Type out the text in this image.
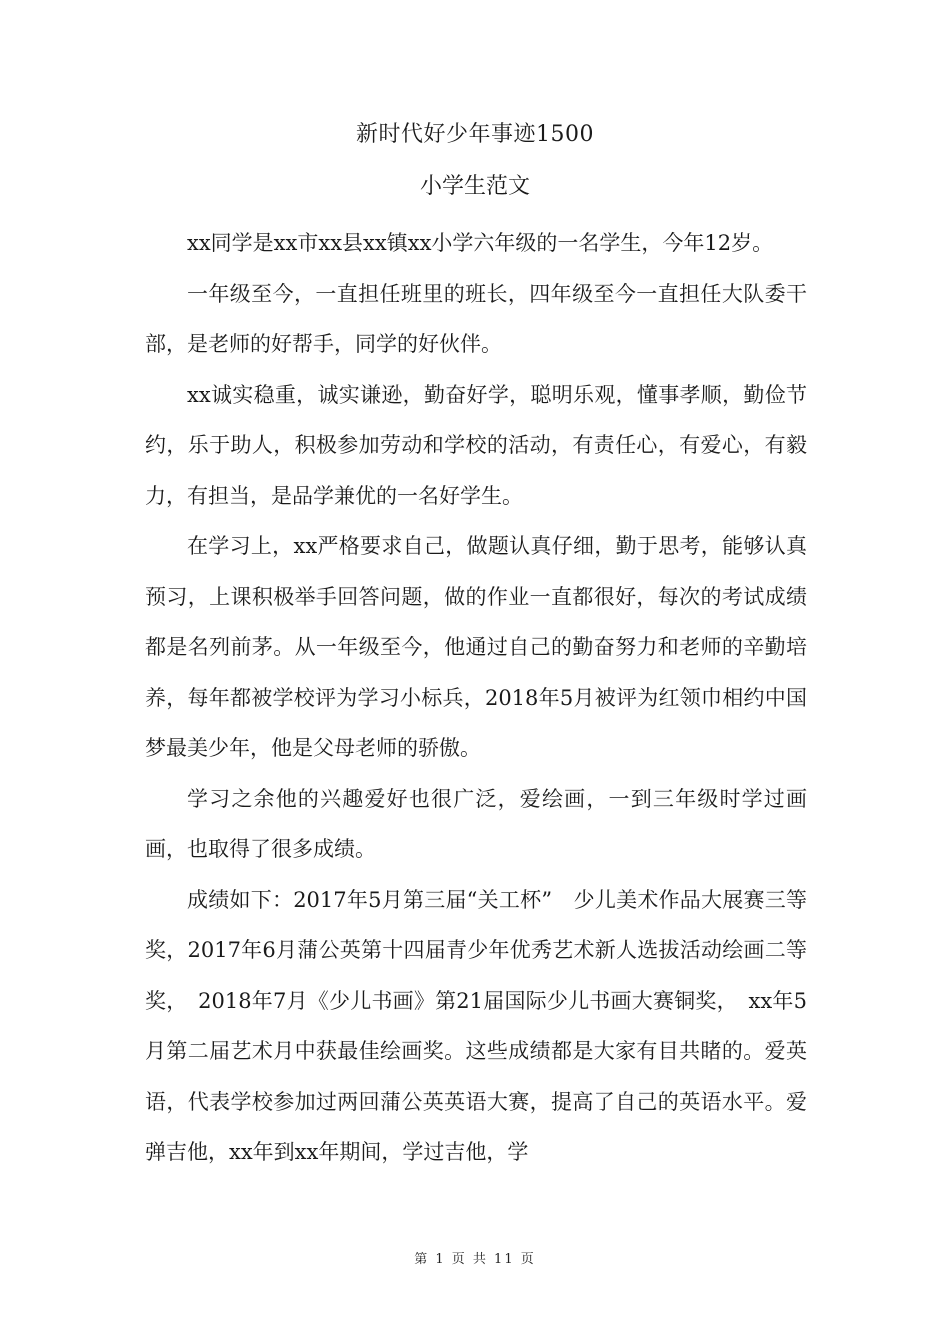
新时代好少年事迹1500
小学生范文

xx同学是xx市xx县xx镇xx小学六年级的一名学生，今年12岁。

一年级至今，一直担任班里的班长，四年级至今一直担任大队委干部，是老师的好帮手，同学的好伙伴。

xx诚实稳重，诚实谦逊，勤奋好学，聪明乐观，懂事孝顺，勤俭节约，乐于助人，积极参加劳动和学校的活动，有责任心，有爱心，有毅力，有担当，是品学兼优的一名好学生。

在学习上，xx严格要求自己，做题认真仔细，勤于思考，能够认真预习，上课积极举手回答问题，做的作业一直都很好，每次的考试成绩都是名列前茅。从一年级至今，他通过自己的勤奋努力和老师的辛勤培养，每年都被学校评为学习小标兵，2018年5月被评为红领巾相约中国梦最美少年，他是父母老师的骄傲。

学习之余他的兴趣爱好也很广泛，爱绘画，一到三年级时学过画画，也取得了很多成绩。

成绩如下：2017年5月第三届“关工杯”　少儿美术作品大展赛三等奖，2017年6月蒲公英第十四届青少年优秀艺术新人选拔活动绘画二等奖，　2018年7月《少儿书画》第21届国际少儿书画大赛铜奖，　xx年5月第二届艺术月中获最佳绘画奖。这些成绩都是大家有目共睹的。爱英语，代表学校参加过两回蒲公英英语大赛，提高了自己的英语水平。爱弹吉他，xx年到xx年期间，学过吉他，学

第 1 页 共 11 页
